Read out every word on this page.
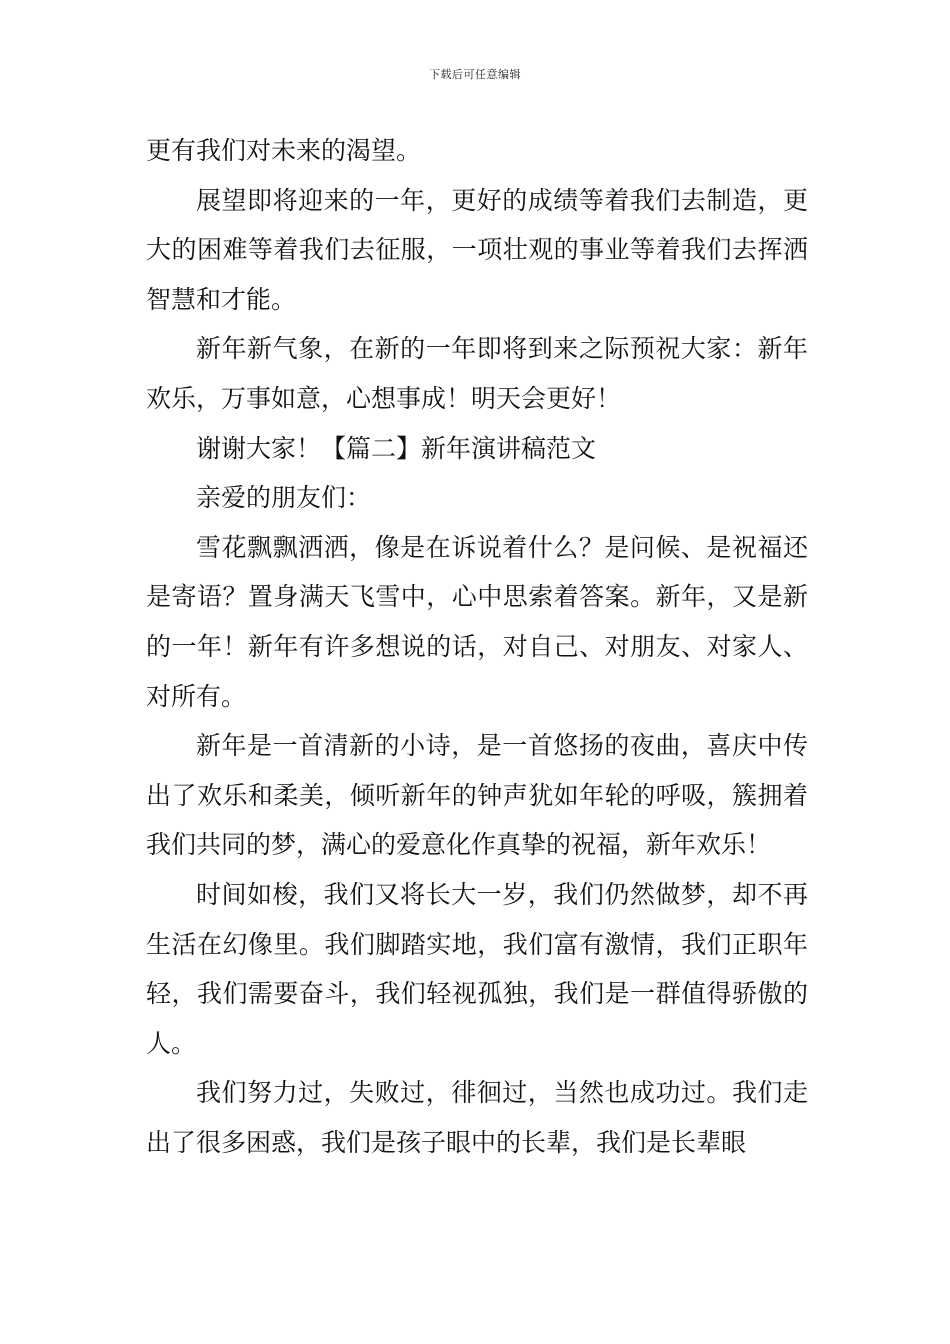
下载后可任意编辑

更有我们对未来的渴望。

展望即将迎来的一年，更好的成绩等着我们去制造，更大的困难等着我们去征服，一项壮观的事业等着我们去挥洒智慧和才能。

新年新气象，在新的一年即将到来之际预祝大家：新年欢乐，万事如意，心想事成！明天会更好！

谢谢大家！【篇二】新年演讲稿范文

亲爱的朋友们：

雪花飘飘洒洒，像是在诉说着什么？是问候、是祝福还是寄语？置身满天飞雪中，心中思索着答案。新年，又是新的一年！新年有许多想说的话，对自己、对朋友、对家人、对所有。

新年是一首清新的小诗，是一首悠扬的夜曲，喜庆中传出了欢乐和柔美，倾听新年的钟声犹如年轮的呼吸，簇拥着我们共同的梦，满心的爱意化作真挚的祝福，新年欢乐！

时间如梭，我们又将长大一岁，我们仍然做梦，却不再生活在幻像里。我们脚踏实地，我们富有激情，我们正职年轻，我们需要奋斗，我们轻视孤独，我们是一群值得骄傲的人。

我们努力过，失败过，徘徊过，当然也成功过。我们走出了很多困惑，我们是孩子眼中的长辈，我们是长辈眼
